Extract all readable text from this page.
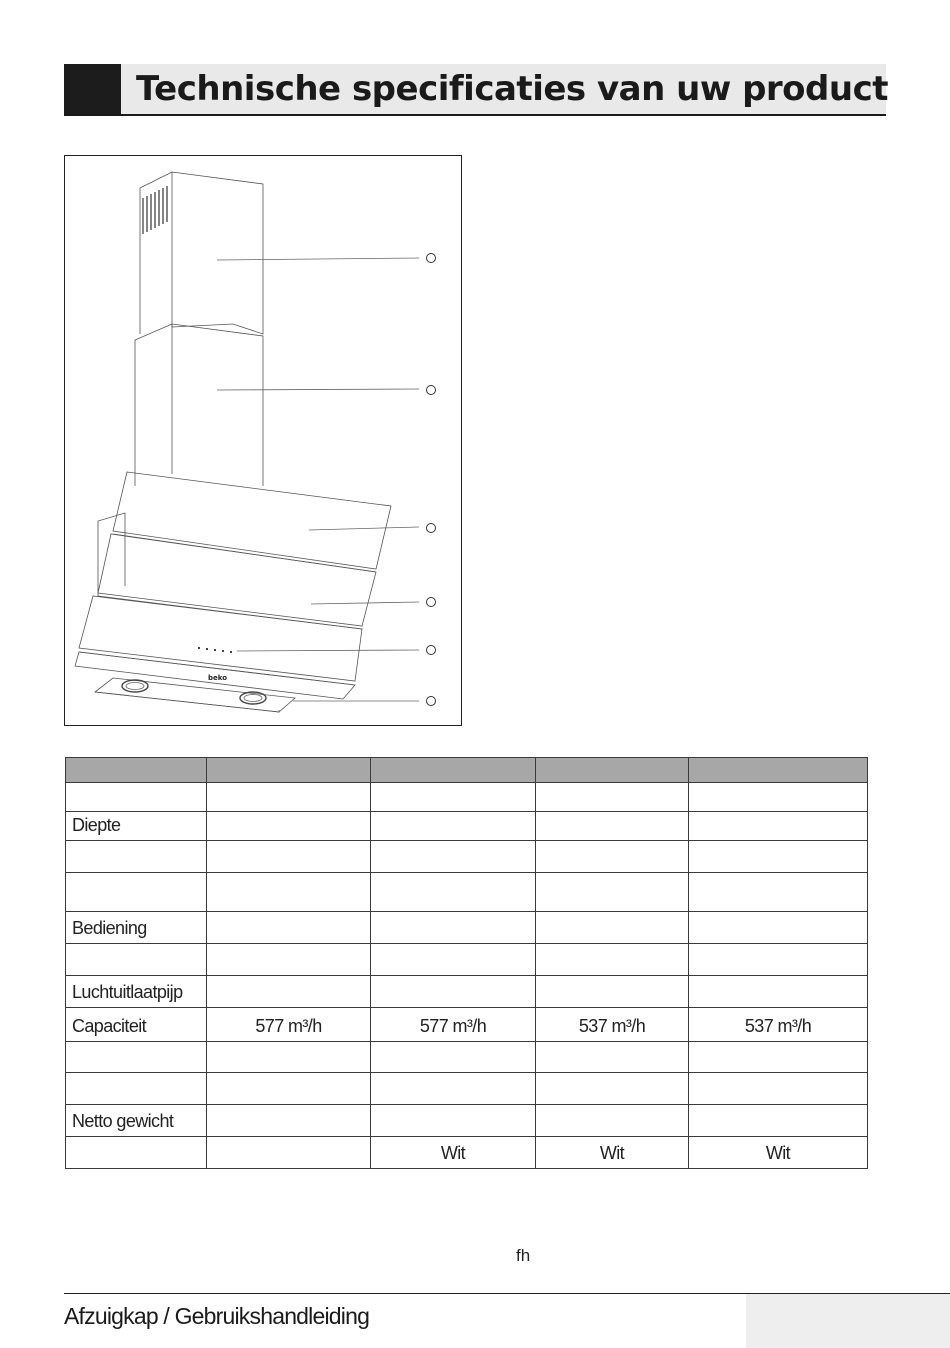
Technische specificaties van uw product
beko

Diepte				

Bediening				

Luchtuitlaatpijp				
Capaciteit	577 m³/h	577 m³/h	537 m³/h	537 m³/h

Netto gewicht				
		Wit	Wit	Wit
fh
Afzuigkap / Gebruikshandleiding
